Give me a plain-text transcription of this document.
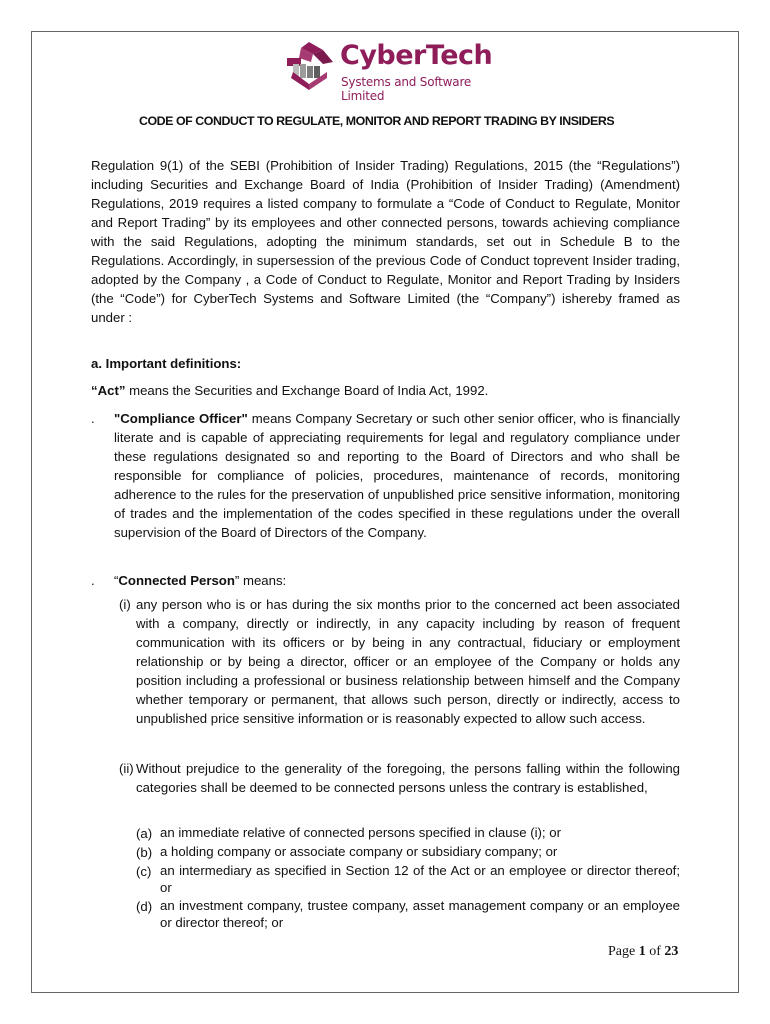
CyberTech
Systems and Software Limited
CODE OF CONDUCT TO REGULATE, MONITOR AND REPORT TRADING BY INSIDERS

Regulation 9(1) of the SEBI (Prohibition of Insider Trading) Regulations, 2015 (the “Regulations”) including Securities and Exchange Board of India (Prohibition of Insider Trading) (Amendment) Regulations, 2019 requires a listed company to formulate a “Code of Conduct to Regulate, Monitor and Report Trading” by its employees and other connected persons, towards achieving compliance with the said Regulations, adopting the minimum standards, set out in Schedule B to the Regulations. Accordingly, in supersession of the previous Code of Conduct toprevent Insider trading, adopted by the Company , a Code of Conduct to Regulate, Monitor and Report Trading by Insiders (the “Code”) for CyberTech Systems and Software Limited (the “Company”) ishereby framed as under :

a. Important definitions:
“Act” means the Securities and Exchange Board of India Act, 1992.
. "Compliance Officer" means Company Secretary or such other senior officer, who is financially literate and is capable of appreciating requirements for legal and regulatory compliance under these regulations designated so and reporting to the Board of Directors and who shall be responsible for compliance of policies, procedures, maintenance of records, monitoring adherence to the rules for the preservation of unpublished price sensitive information, monitoring of trades and the implementation of the codes specified in these regulations under the overall supervision of the Board of Directors of the Company.

. “Connected Person” means:
(i) any person who is or has during the six months prior to the concerned act been associated with a company, directly or indirectly, in any capacity including by reason of frequent communication with its officers or by being in any contractual, fiduciary or employment relationship or by being a director, officer or an employee of the Company or holds any position including a professional or business relationship between himself and the Company whether temporary or permanent, that allows such person, directly or indirectly, access to unpublished price sensitive information or is reasonably expected to allow such access.

(ii) Without prejudice to the generality of the foregoing, the persons falling within the following categories shall be deemed to be connected persons unless the contrary is established,

(a) an immediate relative of connected persons specified in clause (i); or

(b) a holding company or associate company or subsidiary company; or

(c) an intermediary as specified in Section 12 of the Act or an employee or director thereof; or

(d) an investment company, trustee company, asset management company or an employee or director thereof; or

Page 1 of 23
